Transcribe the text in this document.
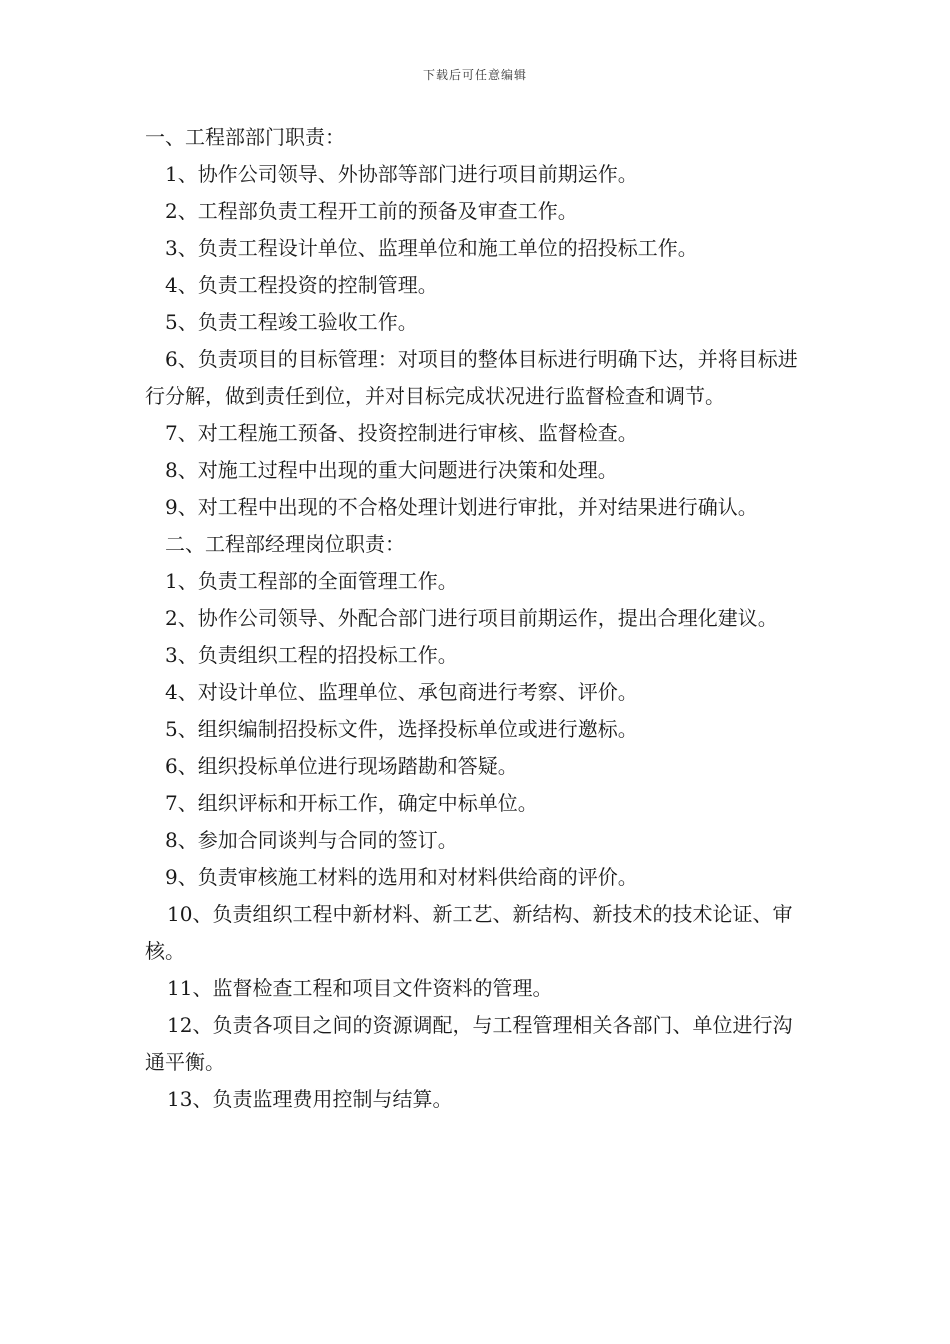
下载后可任意编辑

一、工程部部门职责：

1、协作公司领导、外协部等部门进行项目前期运作。

2、工程部负责工程开工前的预备及审查工作。

3、负责工程设计单位、监理单位和施工单位的招投标工作。

4、负责工程投资的控制管理。

5、负责工程竣工验收工作。

6、负责项目的目标管理：对项目的整体目标进行明确下达，并将目标进行分解，做到责任到位，并对目标完成状况进行监督检查和调节。

7、对工程施工预备、投资控制进行审核、监督检查。

8、对施工过程中出现的重大问题进行决策和处理。

9、对工程中出现的不合格处理计划进行审批，并对结果进行确认。

二、工程部经理岗位职责：

1、负责工程部的全面管理工作。

2、协作公司领导、外配合部门进行项目前期运作，提出合理化建议。

3、负责组织工程的招投标工作。

4、对设计单位、监理单位、承包商进行考察、评价。

5、组织编制招投标文件，选择投标单位或进行邀标。

6、组织投标单位进行现场踏勘和答疑。

7、组织评标和开标工作，确定中标单位。

8、参加合同谈判与合同的签订。

9、负责审核施工材料的选用和对材料供给商的评价。

10、负责组织工程中新材料、新工艺、新结构、新技术的技术论证、审核。

11、监督检查工程和项目文件资料的管理。

12、负责各项目之间的资源调配，与工程管理相关各部门、单位进行沟通平衡。

13、负责监理费用控制与结算。
